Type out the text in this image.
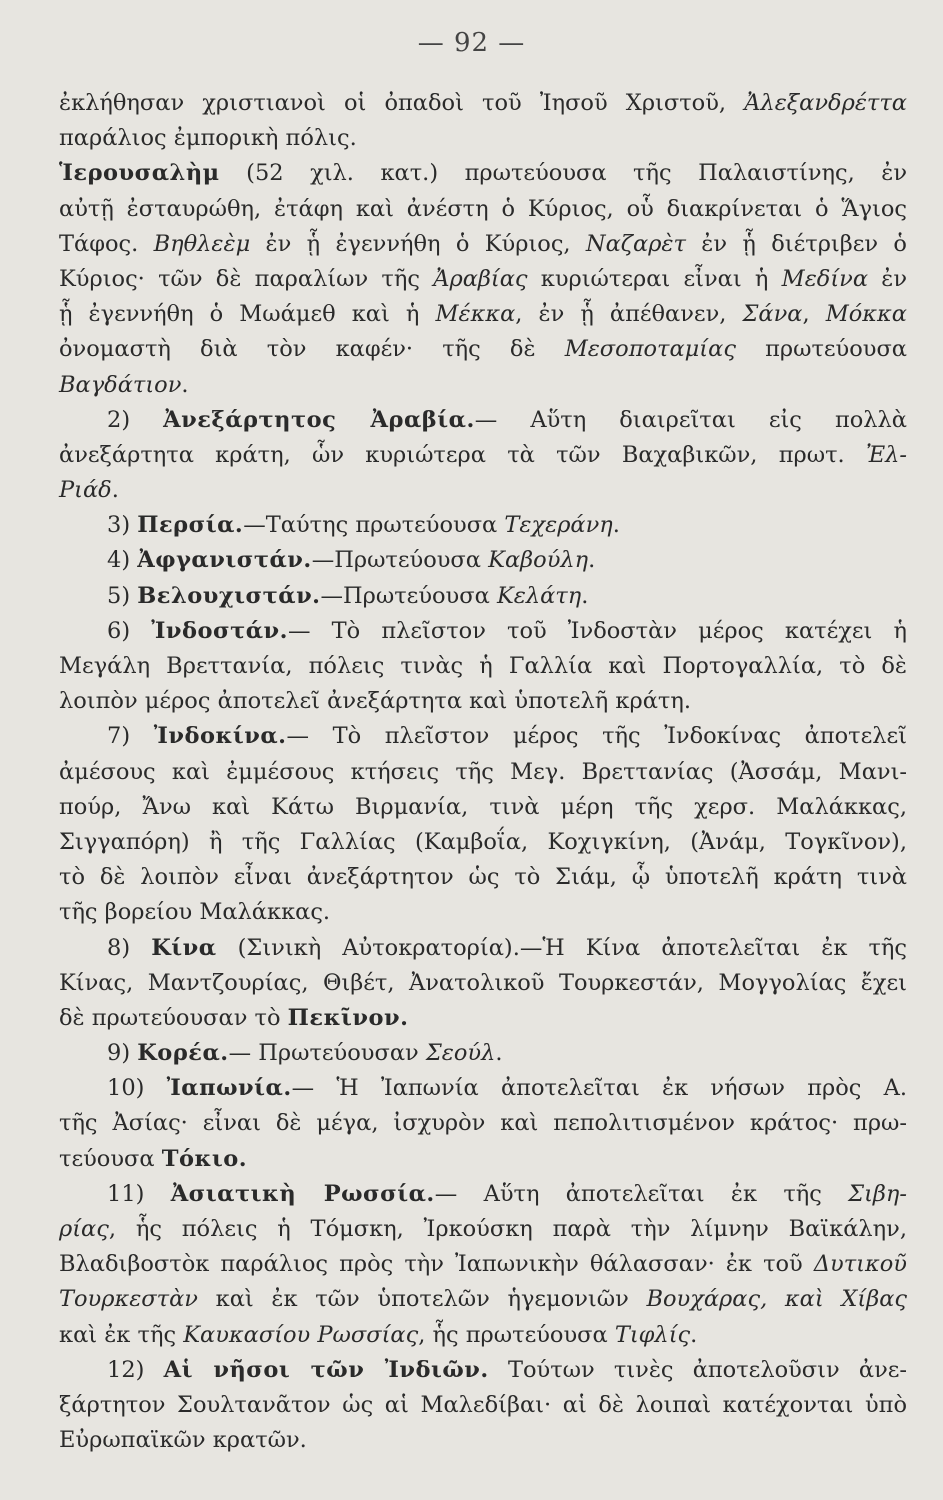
— 92 —
ἐκλήθησαν χριστιανοὶ οἱ ὀπαδοὶ τοῦ Ἰησοῦ Χριστοῦ, Ἀλεξανδρέττα
παράλιος ἐμπορικὴ πόλις.
Ἱερουσαλὴμ (52 χιλ. κατ.) πρωτεύουσα τῆς Παλαιστίνης, ἐν
αὐτῇ ἐσταυρώθη, ἐτάφη καὶ ἀνέστη ὁ Κύριος, οὗ διακρίνεται ὁ Ἅγιος
Τάφος. Βηθλεὲμ ἐν ᾗ ἐγεννήθη ὁ Κύριος, Ναζαρὲτ ἐν ᾗ διέτριβεν ὁ
Κύριος· τῶν δὲ παραλίων τῆς Ἀραβίας κυριώτεραι εἶναι ἡ Μεδίνα ἐν
ᾗ ἐγεννήθη ὁ Μωάμεθ καὶ ἡ Μέκκα, ἐν ᾗ ἀπέθανεν, Σάνα, Μόκκα
ὀνομαστὴ διὰ τὸν καφέν· τῆς δὲ Μεσοποταμίας πρωτεύουσα
Βαγδάτιον.
2) Ἀνεξάρτητος Ἀραβία.— Αὕτη διαιρεῖται εἰς πολλὰ
ἀνεξάρτητα κράτη, ὧν κυριώτερα τὰ τῶν Βαχαβικῶν, πρωτ. Ἐλ-
Ριάδ.
3) Περσία.—Ταύτης πρωτεύουσα Τεχεράνη.
4) Ἀφγανιστάν.—Πρωτεύουσα Καβούλη.
5) Βελουχιστάν.—Πρωτεύουσα Κελάτη.
6) Ἰνδοστάν.— Τὸ πλεῖστον τοῦ Ἰνδοστὰν μέρος κατέχει ἡ
Μεγάλη Βρεττανία, πόλεις τινὰς ἡ Γαλλία καὶ Πορτογαλλία, τὸ δὲ
λοιπὸν μέρος ἀποτελεῖ ἀνεξάρτητα καὶ ὑποτελῆ κράτη.
7) Ἰνδοκίνα.— Τὸ πλεῖστον μέρος τῆς Ἰνδοκίνας ἀποτελεῖ
ἀμέσους καὶ ἐμμέσους κτήσεις τῆς Μεγ. Βρεττανίας (Ἀσσάμ, Μανι-
πούρ, Ἄνω καὶ Κάτω Βιρμανία, τινὰ μέρη τῆς χερσ. Μαλάκκας,
Σιγγαπόρη) ἢ τῆς Γαλλίας (Καμβοΐα, Κοχιγκίνη, (Ἀνάμ, Τογκῖνον),
τὸ δὲ λοιπὸν εἶναι ἀνεξάρτητον ὡς τὸ Σιάμ, ᾧ ὑποτελῆ κράτη τινὰ
τῆς βορείου Μαλάκκας.
8) Κίνα (Σινικὴ Αὐτοκρατορία).—Ἡ Κίνα ἀποτελεῖται ἐκ τῆς
Κίνας, Μαντζουρίας, Θιβέτ, Ἀνατολικοῦ Τουρκεστάν, Μογγολίας ἔχει
δὲ πρωτεύουσαν τὸ Πεκῖνον.
9) Κορέα.— Πρωτεύουσαν Σεούλ.
10) Ἰαπωνία.— Ἡ Ἰαπωνία ἀποτελεῖται ἐκ νήσων πρὸς Α.
τῆς Ἀσίας· εἶναι δὲ μέγα, ἰσχυρὸν καὶ πεπολιτισμένον κράτος· πρω-
τεύουσα Τόκιο.
11) Ἀσιατικὴ Ρωσσία.— Αὕτη ἀποτελεῖται ἐκ τῆς Σιβη-
ρίας, ἧς πόλεις ἡ Τόμσκη, Ἰρκούσκη παρὰ τὴν λίμνην Βαϊκάλην,
Βλαδιβοστὸκ παράλιος πρὸς τὴν Ἰαπωνικὴν θάλασσαν· ἐκ τοῦ Δυτικοῦ
Τουρκεστὰν καὶ ἐκ τῶν ὑποτελῶν ἡγεμονιῶν Βουχάρας, καὶ Χίβας
καὶ ἐκ τῆς Καυκασίου Ρωσσίας, ἧς πρωτεύουσα Τιφλίς.
12) Αἱ νῆσοι τῶν Ἰνδιῶν. Τούτων τινὲς ἀποτελοῦσιν ἀνε-
ξάρτητον Σουλτανᾶτον ὡς αἱ Μαλεδίβαι· αἱ δὲ λοιπαὶ κατέχονται ὑπὸ
Εὐρωπαϊκῶν κρατῶν.
